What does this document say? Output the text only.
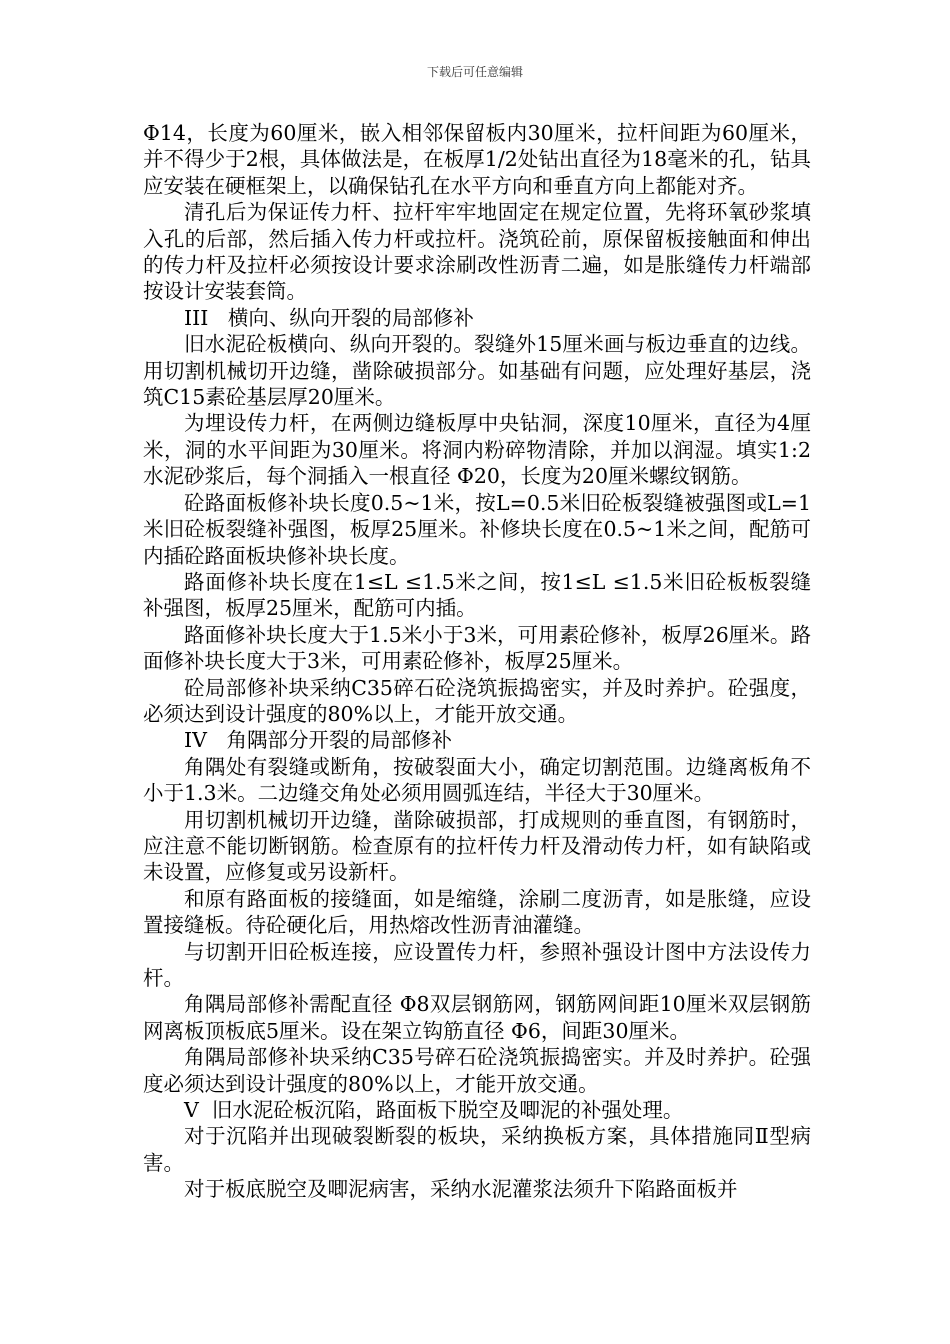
下载后可任意编辑

Φ14，长度为60厘米，嵌入相邻保留板内30厘米，拉杆间距为60厘米，并不得少于2根，具体做法是，在板厚1/2处钻出直径为18毫米的孔，钻具应安装在硬框架上，以确保钻孔在水平方向和垂直方向上都能对齐。

清孔后为保证传力杆、拉杆牢牢地固定在规定位置，先将环氧砂浆填入孔的后部，然后插入传力杆或拉杆。浇筑砼前，原保留板接触面和伸出的传力杆及拉杆必须按设计要求涂刷改性沥青二遍，如是胀缝传力杆端部按设计安装套筒。

III   横向、纵向开裂的局部修补

旧水泥砼板横向、纵向开裂的。裂缝外15厘米画与板边垂直的边线。用切割机械切开边缝，凿除破损部分。如基础有问题，应处理好基层，浇筑C15素砼基层厚20厘米。

为埋设传力杆，在两侧边缝板厚中央钻洞，深度10厘米，直径为4厘米，洞的水平间距为30厘米。将洞内粉碎物清除，并加以润湿。填实1:2水泥砂浆后，每个洞插入一根直径 Φ20，长度为20厘米螺纹钢筋。

砼路面板修补块长度0.5~1米，按L=0.5米旧砼板裂缝被强图或L=1米旧砼板裂缝补强图，板厚25厘米。补修块长度在0.5~1米之间，配筋可内插砼路面板块修补块长度。

路面修补块长度在1≤L ≤1.5米之间，按1≤L ≤1.5米旧砼板板裂缝补强图，板厚25厘米，配筋可内插。

路面修补块长度大于1.5米小于3米，可用素砼修补，板厚26厘米。路面修补块长度大于3米，可用素砼修补，板厚25厘米。

砼局部修补块采纳C35碎石砼浇筑振捣密实，并及时养护。砼强度，必须达到设计强度的80%以上，才能开放交通。

IV   角隅部分开裂的局部修补

角隅处有裂缝或断角，按破裂面大小，确定切割范围。边缝离板角不小于1.3米。二边缝交角处必须用圆弧连结，半径大于30厘米。

用切割机械切开边缝，凿除破损部，打成规则的垂直图，有钢筋时，应注意不能切断钢筋。检查原有的拉杆传力杆及滑动传力杆，如有缺陷或未设置，应修复或另设新杆。

和原有路面板的接缝面，如是缩缝，涂刷二度沥青，如是胀缝，应设置接缝板。待砼硬化后，用热熔改性沥青油灌缝。

与切割开旧砼板连接，应设置传力杆，参照补强设计图中方法设传力杆。

角隅局部修补需配直径 Φ8双层钢筋网，钢筋网间距10厘米双层钢筋网离板顶板底5厘米。设在架立钩筋直径 Φ6，间距30厘米。

角隅局部修补块采纳C35号碎石砼浇筑振捣密实。并及时养护。砼强度必须达到设计强度的80%以上，才能开放交通。

V  旧水泥砼板沉陷，路面板下脱空及唧泥的补强处理。

对于沉陷并出现破裂断裂的板块，采纳换板方案，具体措施同Ⅱ型病害。

对于板底脱空及唧泥病害，采纳水泥灌浆法须升下陷路面板并
